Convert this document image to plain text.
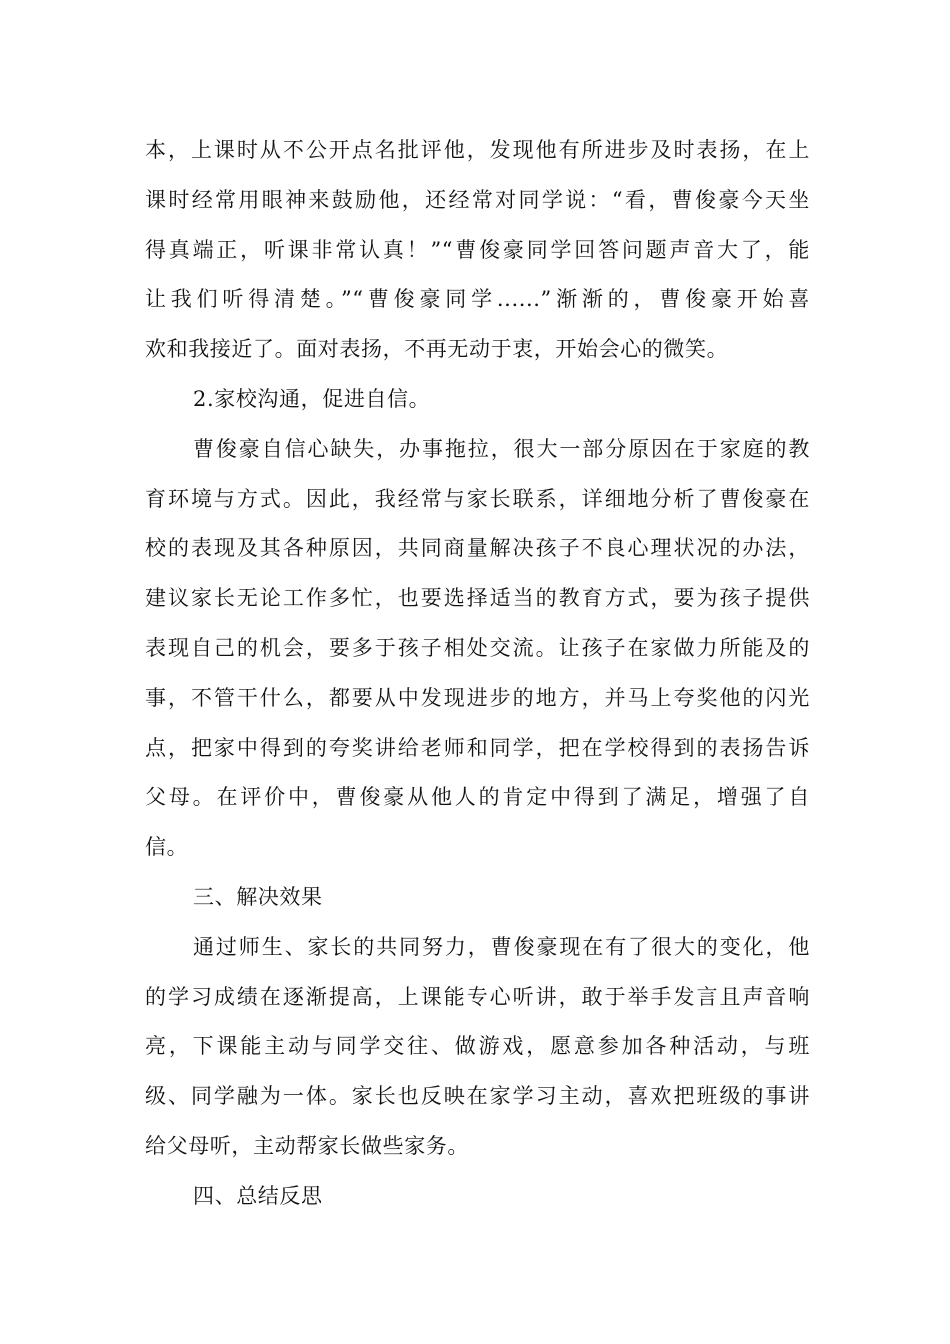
本，上课时从不公开点名批评他，发现他有所进步及时表扬，在上
课时经常用眼神来鼓励他，还经常对同学说：“看，曹俊豪今天坐
得真端正，听课非常认真！”“曹俊豪同学回答问题声音大了，能
让我们听得清楚。”“曹俊豪同学......”渐渐的，曹俊豪开始喜
欢和我接近了。面对表扬，不再无动于衷，开始会心的微笑。
2.家校沟通，促进自信。
曹俊豪自信心缺失，办事拖拉，很大一部分原因在于家庭的教
育环境与方式。因此，我经常与家长联系，详细地分析了曹俊豪在
校的表现及其各种原因，共同商量解决孩子不良心理状况的办法，
建议家长无论工作多忙，也要选择适当的教育方式，要为孩子提供
表现自己的机会，要多于孩子相处交流。让孩子在家做力所能及的
事，不管干什么，都要从中发现进步的地方，并马上夸奖他的闪光
点，把家中得到的夸奖讲给老师和同学，把在学校得到的表扬告诉
父母。在评价中，曹俊豪从他人的肯定中得到了满足，增强了自
信。
三、解决效果
通过师生、家长的共同努力，曹俊豪现在有了很大的变化，他
的学习成绩在逐渐提高，上课能专心听讲，敢于举手发言且声音响
亮，下课能主动与同学交往、做游戏，愿意参加各种活动，与班
级、同学融为一体。家长也反映在家学习主动，喜欢把班级的事讲
给父母听，主动帮家长做些家务。
四、总结反思
